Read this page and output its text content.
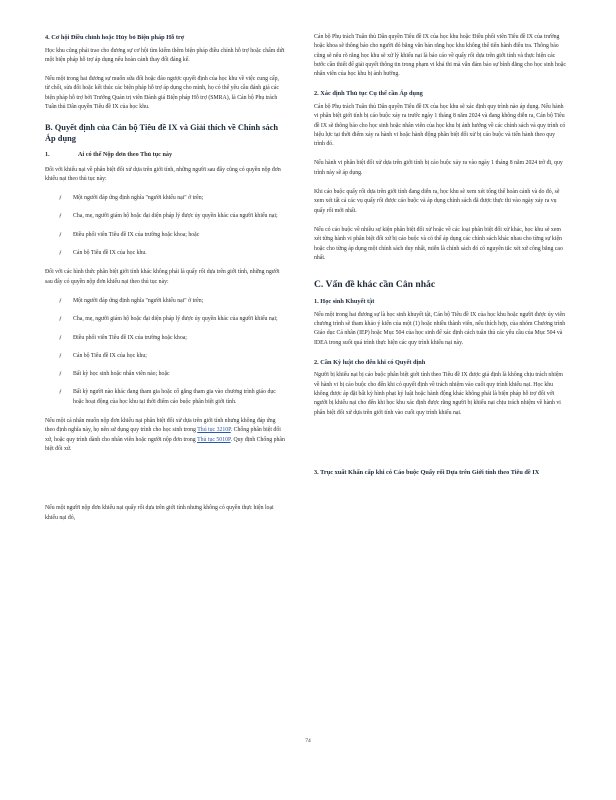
4. Cơ hội Điều chỉnh hoặc Hủy bỏ Biện pháp Hỗ trợ

Học khu cũng phải trao cho đương sự cơ hội tìm kiếm thêm biện pháp điều chỉnh hỗ trợ hoặc chấm dứt một biện pháp hỗ trợ áp dụng nếu hoàn cảnh thay đổi đáng kể.

Nếu một trong hai đương sự muốn sửa đổi hoặc đảo ngược quyết định của học khu về việc cung cấp, từ chối, sửa đổi hoặc kết thúc các biện pháp hỗ trợ áp dụng cho mình, họ có thể yêu cầu đánh giá các biện pháp hỗ trợ bởi Trưởng Quản trị viên Đánh giá Biện pháp Hỗ trợ (SMRA), là Cán bộ Phụ trách Tuân thủ Dân quyền Tiêu đề IX của học khu.

B. Quyết định của Cán bộ Tiêu đề IX và Giải thích về Chính sách Áp dụng
1.	Ai có thể Nộp đơn theo Thủ tục này

Đối với khiếu nại về phân biệt đối xử dựa trên giới tính, những người sau đây cũng có quyền nộp đơn khiếu nại theo thủ tục này:

ƒ Một người đáp ứng định nghĩa "người khiếu nại" ở trên;
ƒ Cha, mẹ, người giám hộ hoặc đại diện pháp lý được ủy quyền khác của người khiếu nại;
ƒ Điều phối viên Tiêu đề IX của trường hoặc khoa; hoặc
ƒ Cán bộ Tiêu đề IX của học khu.

Đối với các hình thức phân biệt giới tính khác không phải là quấy rối dựa trên giới tính, những người sau đây có quyền nộp đơn khiếu nại theo thủ tục này:

ƒ Một người đáp ứng định nghĩa "người khiếu nại" ở trên;
ƒ Cha, mẹ, người giám hộ hoặc đại diện pháp lý được ủy quyền khác của người khiếu nại;
ƒ Điều phối viên Tiêu đề IX của trường hoặc khoa;
ƒ Cán bộ Tiêu đề IX của học khu;
ƒ Bất kỳ học sinh hoặc nhân viên nào; hoặc
ƒ Bất kỳ người nào khác đang tham gia hoặc cố gắng tham gia vào chương trình giáo dục hoặc hoạt động của học khu tại thời điểm cáo buộc phân biệt giới tính.

Nếu một cá nhân muốn nộp đơn khiếu nại phân biệt đối xử dựa trên giới tính nhưng không đáp ứng theo định nghĩa này, họ nên sử dụng quy trình cho học sinh trong Thủ tục 3210P. Chống phân biệt đối xử, hoặc quy trình dành cho nhân viên hoặc người nộp đơn trong Thủ tục 5010P. Quy định Chống phân biệt đối xử.

Nếu một người nộp đơn khiếu nại quấy rối dựa trên giới tính nhưng không có quyền thực hiện loại khiếu nại đó,

Cán bộ Phụ trách Tuân thủ Dân quyền Tiêu đề IX của học khu hoặc Điều phối viên Tiêu đề IX của trường hoặc khoa sẽ thông báo cho người đó bằng văn bản rằng học khu không thể tiến hành điều tra. Thông báo cũng sẽ nêu rõ rằng học khu sẽ xử lý khiếu nại là báo cáo về quấy rối dựa trên giới tính và thực hiện các bước cần thiết để giải quyết thông tin trong phạm vi khả thi mà vẫn đảm bảo sự bình đẳng cho học sinh hoặc nhân viên của học khu bị ảnh hưởng.

2. Xác định Thủ tục Cụ thể cần Áp dụng

Cán bộ Phụ trách Tuân thủ Dân quyền Tiêu đề IX của học khu sẽ xác định quy trình nào áp dụng. Nếu hành vi phân biệt giới tính bị cáo buộc xảy ra trước ngày 1 tháng 8 năm 2024 và đang không diễn ra, Cán bộ Tiêu đề IX sẽ thông báo cho học sinh hoặc nhân viên của học khu bị ảnh hưởng về các chính sách và quy trình có hiệu lực tại thời điểm xảy ra hành vi hoặc hành động phân biệt đối xử bị cáo buộc và tiến hành theo quy trình đó.

Nếu hành vi phân biệt đối xử dựa trên giới tính bị cáo buộc xảy ra vào ngày 1 tháng 8 năm 2024 trở đi, quy trình này sẽ áp dụng.

Khi cáo buộc quấy rối dựa trên giới tính đang diễn ra, học khu sẽ xem xét tổng thể hoàn cảnh và do đó, sẽ xem xét tất cả các vụ quấy rối được cáo buộc và áp dụng chính sách đã được thực thi vào ngày xảy ra vụ quấy rối mới nhất.

Nếu có cáo buộc về nhiều sự kiện phân biệt đối xử hoặc về các loại phân biệt đối xử khác, học khu sẽ xem xét từng hành vi phân biệt đối xử bị cáo buộc và có thể áp dụng các chính sách khác nhau cho từng sự kiện hoặc cho từng áp dụng một chính sách duy nhất, miễn là chính sách đó có nguyên tắc xét xử công bằng cao nhất.

C. Vấn đề khác cần Cân nhắc
1. Học sinh Khuyết tật

Nếu một trong hai đương sự là học sinh khuyết tật, Cán bộ Tiêu đề IX của học khu hoặc người được ủy viên chương trình sẽ tham khảo ý kiến của một (1) hoặc nhiều thành viên, nếu thích hợp, của nhóm Chương trình Giáo dục Cá nhân (IEP) hoặc Mục 504 của học sinh để xác định cách tuân thủ các yêu cầu của Mục 504 và IDEA trong suốt quá trình thực hiện các quy trình khiếu nại này.

2. Cần Kỳ luật cho đến khi có Quyết định

Người bị khiếu nại bị cáo buộc phân biệt giới tính theo Tiêu đề IX được giả định là không chịu trách nhiệm về hành vi bị cáo buộc cho đến khi có quyết định về trách nhiệm vào cuối quy trình khiếu nại. Học khu không được áp đặt bất kỳ hình phạt kỷ luật hoặc hành động khác không phải là biện pháp hỗ trợ đối với người bị khiếu nại cho đến khi học khu xác định được rằng người bị khiếu nại chịu trách nhiệm về hành vi phân biệt đối xử dựa trên giới tính vào cuối quy trình khiếu nại.

3. Trục xuất Khẩn cấp khi có Cáo buộc Quấy rối Dựa trên Giới tính theo Tiêu đề IX
74
